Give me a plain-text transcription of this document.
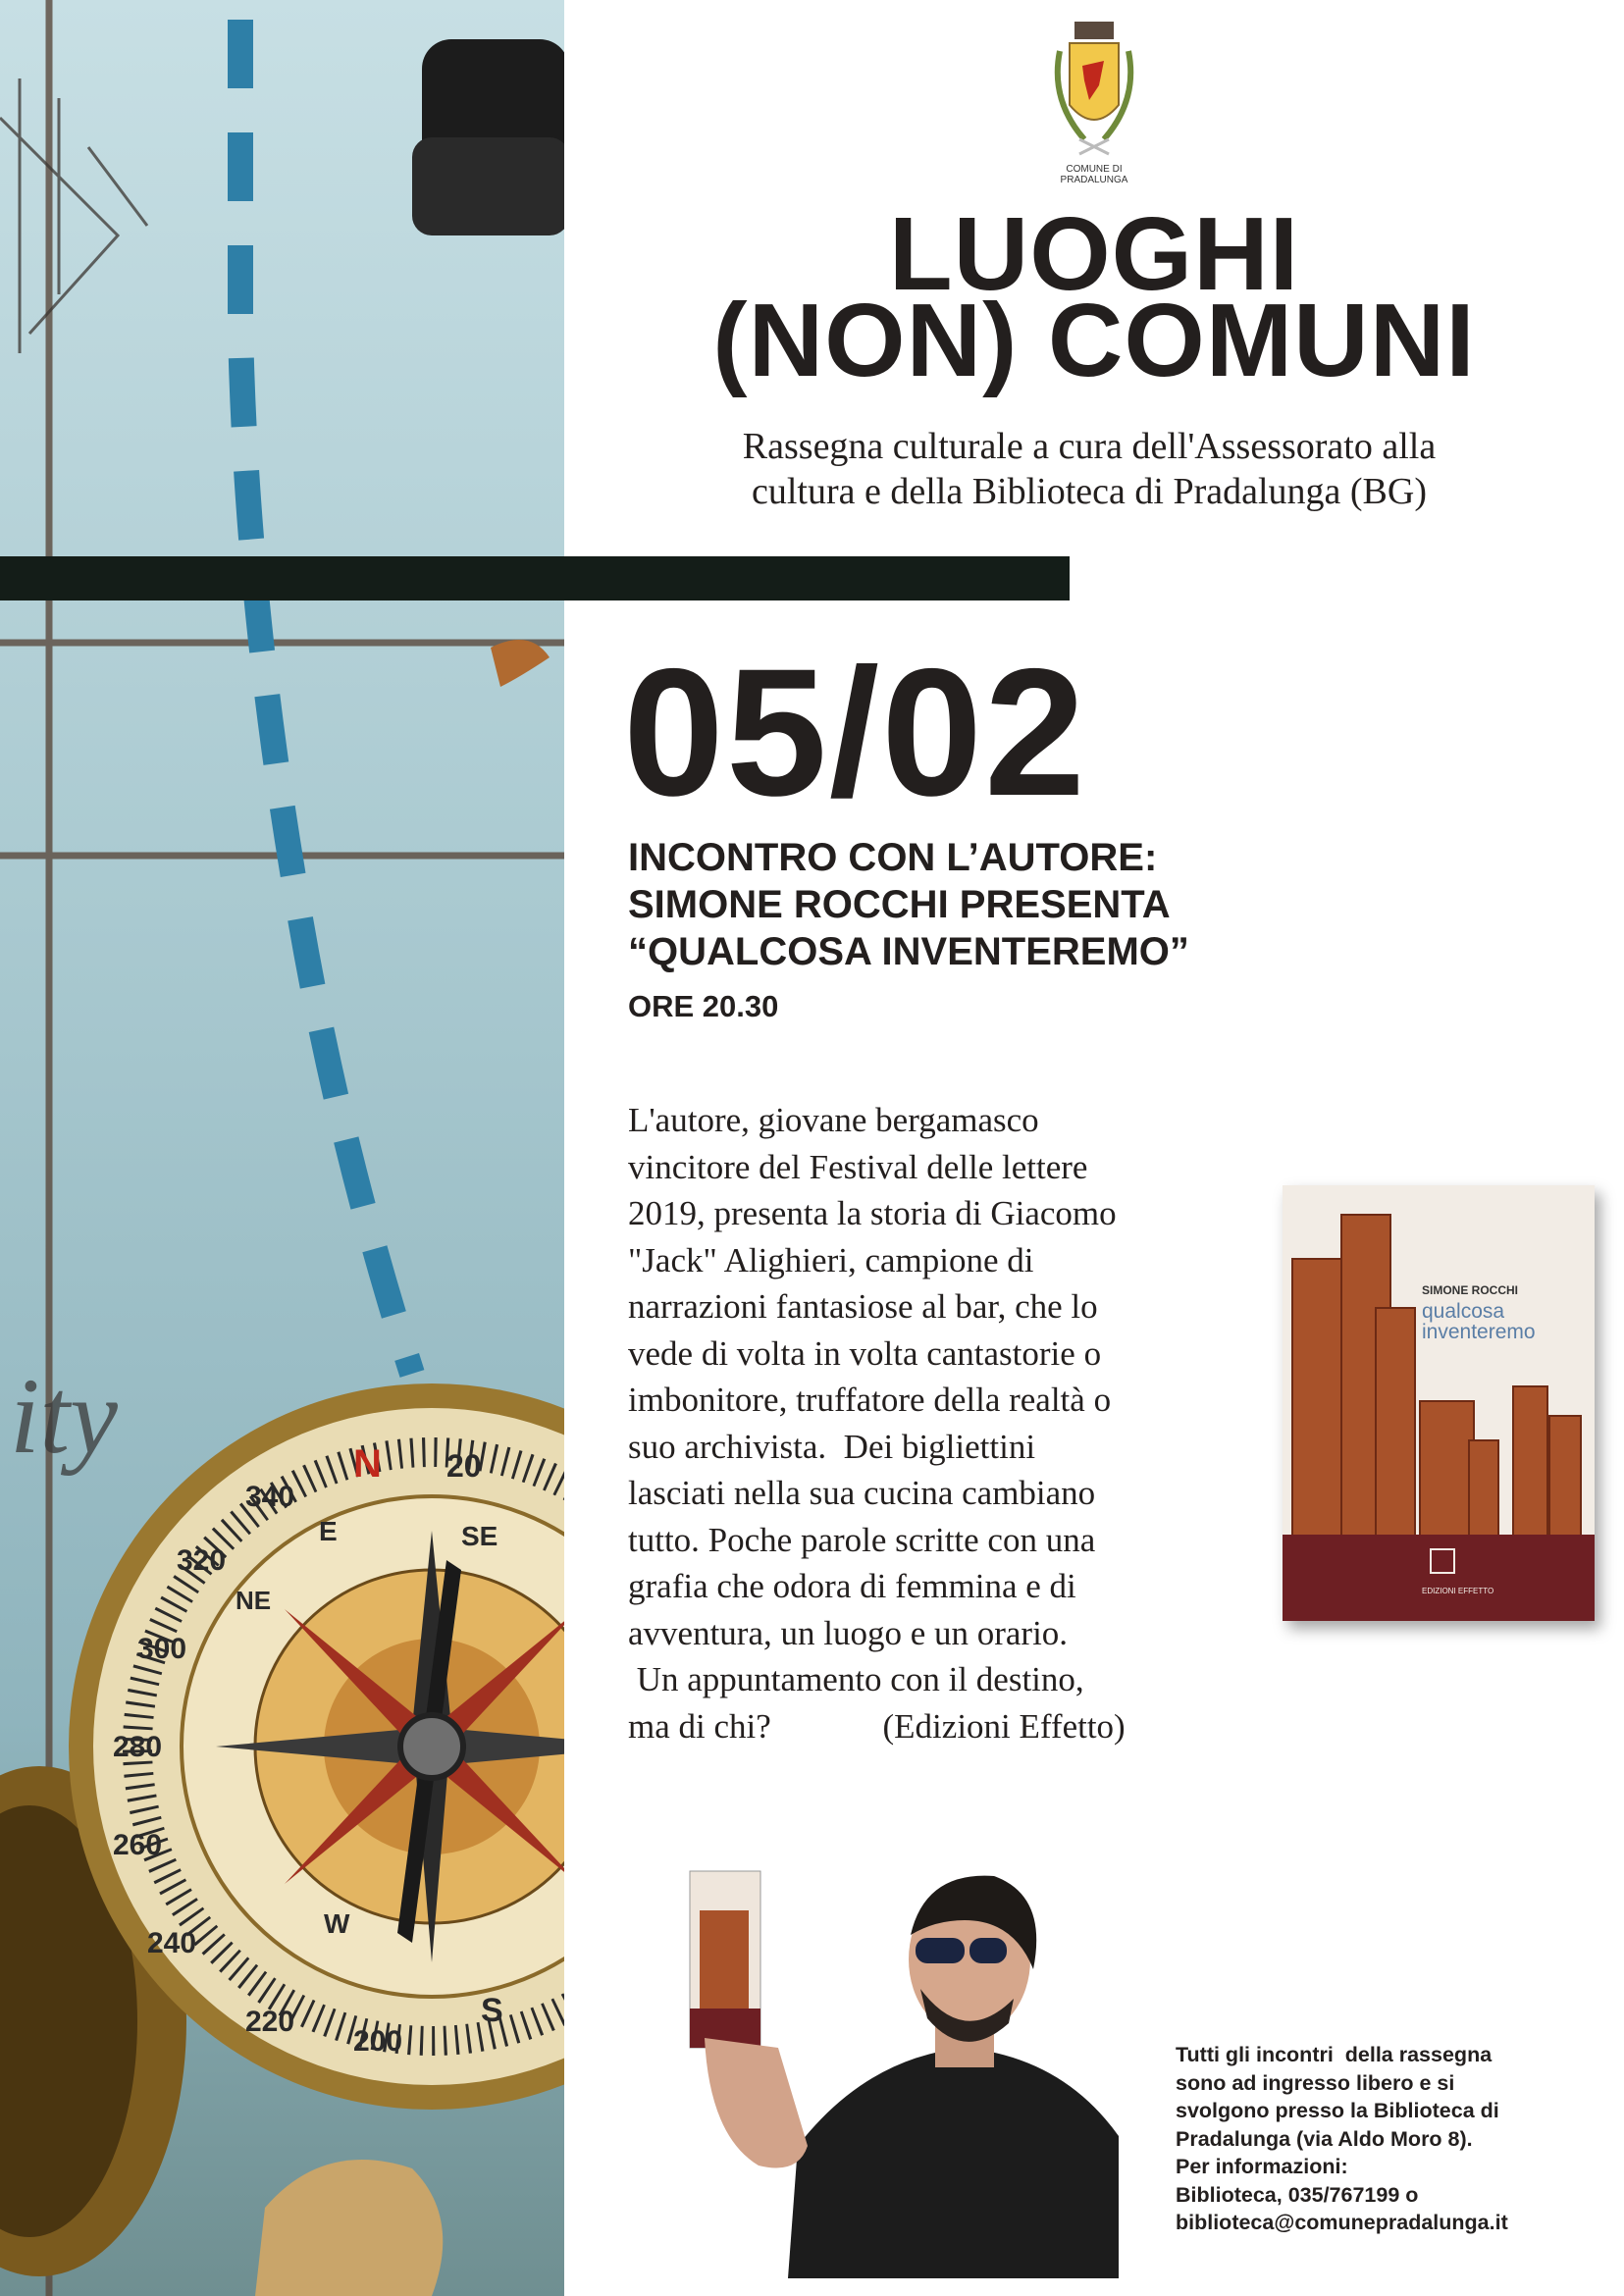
ity	N
NE
E	SE
S
W
340
320
300
280
260
240
220
200
20
COMUNE DI PRADALUNGA
LUOGHI
(NON) COMUNI
Rassegna culturale a cura dell'Assessorato alla
cultura e della Biblioteca di Pradalunga (BG)
05/02
INCONTRO CON L’AUTORE:
SIMONE ROCCHI PRESENTA
“QUALCOSA INVENTEREMO”
ORE 20.30
L'autore, giovane bergamasco
vincitore del Festival delle lettere
2019, presenta la storia di Giacomo
"Jack" Alighieri, campione di
narrazioni fantasiose al bar, che lo
vede di volta in volta cantastorie o
imbonitore, truffatore della realtà o
suo archivista.  Dei bigliettini
lasciati nella sua cucina cambiano
tutto. Poche parole scritte con una
grafia che odora di femmina e di
avventura, un luogo e un orario.
Un appuntamento con il destino,
ma di chi?             (Edizioni Effetto)
SIMONE ROCCHI
qualcosa
inventeremo
EDIZIONI EFFETTO
Tutti gli incontri  della rassegna
sono ad ingresso libero e si
svolgono presso la Biblioteca di
Pradalunga (via Aldo Moro 8).
Per informazioni:
Biblioteca, 035/767199 o
biblioteca@comunepradalunga.it
